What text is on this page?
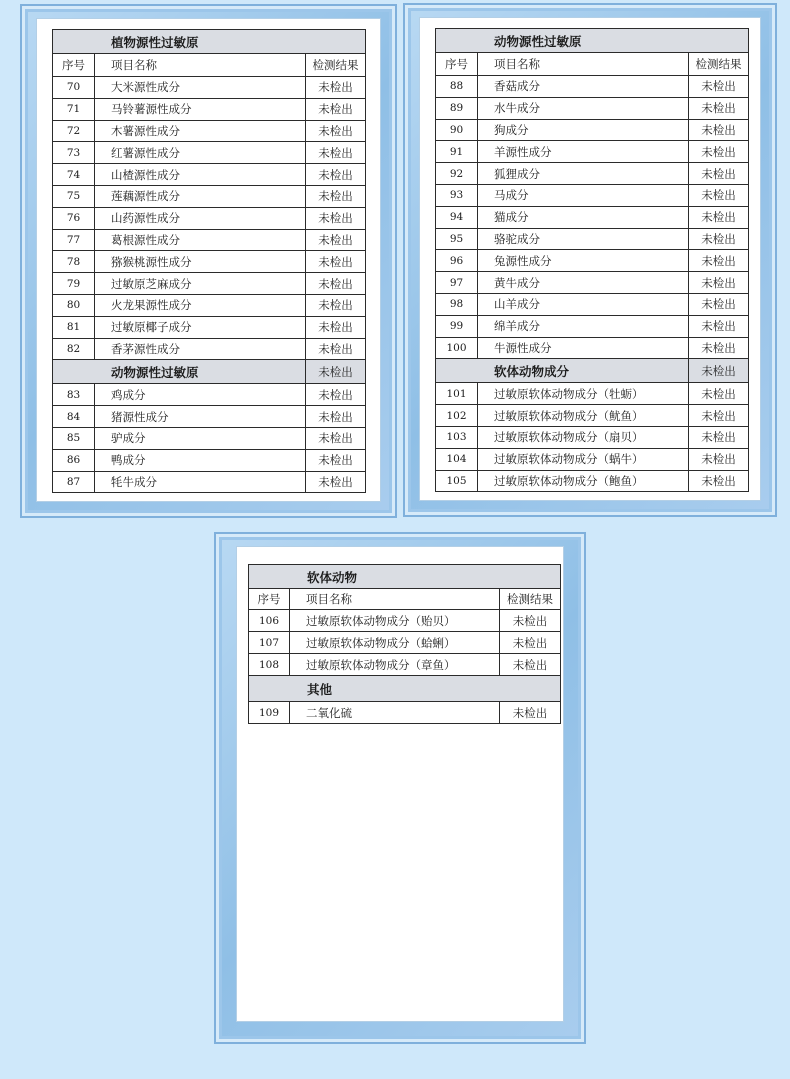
植物源性过敏原		
序号	项目名称	检测结果
70	大米源性成分	未检出
71	马铃薯源性成分	未检出
72	木薯源性成分	未检出
73	红薯源性成分	未检出
74	山楂源性成分	未检出
75	莲藕源性成分	未检出
76	山药源性成分	未检出
77	葛根源性成分	未检出
78	猕猴桃源性成分	未检出
79	过敏原芝麻成分	未检出
80	火龙果源性成分	未检出
81	过敏原椰子成分	未检出
82	香茅源性成分	未检出
动物源性过敏原		未检出
83	鸡成分	未检出
84	猪源性成分	未检出
85	驴成分	未检出
86	鸭成分	未检出
87	牦牛成分	未检出
动物源性过敏原		
序号	项目名称	检测结果
88	香菇成分	未检出
89	水牛成分	未检出
90	狗成分	未检出
91	羊源性成分	未检出
92	狐狸成分	未检出
93	马成分	未检出
94	猫成分	未检出
95	骆驼成分	未检出
96	兔源性成分	未检出
97	黄牛成分	未检出
98	山羊成分	未检出
99	绵羊成分	未检出
100	牛源性成分	未检出
软体动物成分		未检出
101	过敏原软体动物成分（牡蛎）	未检出
102	过敏原软体动物成分（鱿鱼）	未检出
103	过敏原软体动物成分（扇贝）	未检出
104	过敏原软体动物成分（蜗牛）	未检出
105	过敏原软体动物成分（鲍鱼）	未检出
软体动物		
序号	项目名称	检测结果
106	过敏原软体动物成分（贻贝）	未检出
107	过敏原软体动物成分（蛤蜊）	未检出
108	过敏原软体动物成分（章鱼）	未检出
其他		
109	二氧化硫	未检出
